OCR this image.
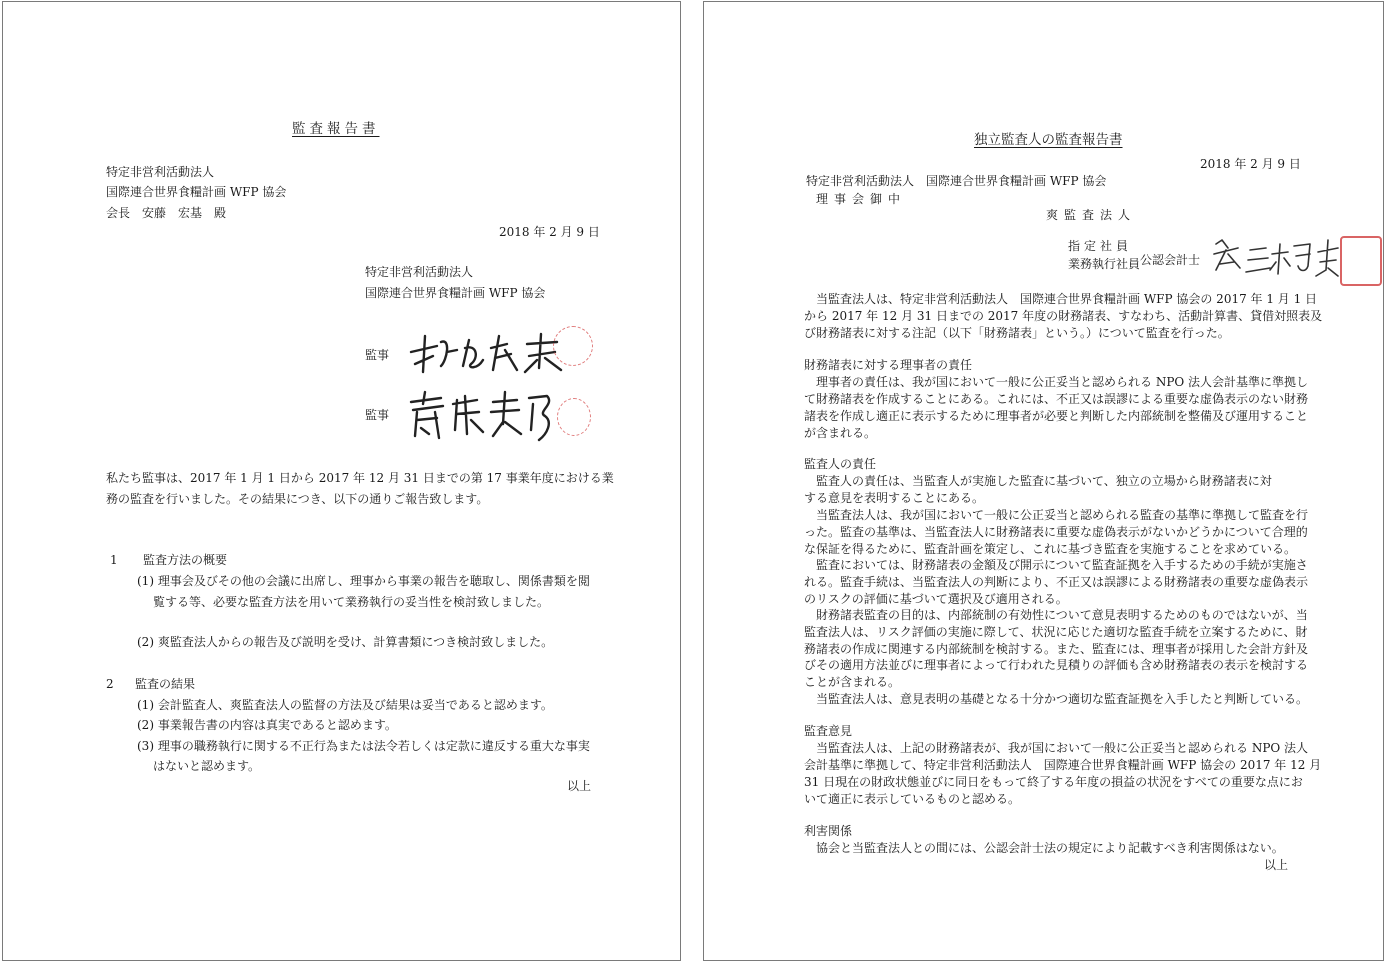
監査報告書

特定非営利活動法人

国際連合世界食糧計画 WFP 協会

会長　安藤　宏基　殿

2018 年 2 月 9 日

特定非営利活動法人

国際連合世界食糧計画 WFP 協会

監事

監事

私たち監事は、2017 年 1 月 1 日から 2017 年 12 月 31 日までの第 17 事業年度における業

務の監査を行いました。その結果につき、以下の通りご報告致します。

1 監査方法の概要

(1) 理事会及びその他の会議に出席し、理事から事業の報告を聴取し、関係書類を閲

覧する等、必要な監査方法を用いて業務執行の妥当性を検討致しました。

(2) 爽監査法人からの報告及び説明を受け、計算書類につき検討致しました。

2 監査の結果

(1) 会計監査人、爽監査法人の監督の方法及び結果は妥当であると認めます。

(2) 事業報告書の内容は真実であると認めます。

(3) 理事の職務執行に関する不正行為または法令若しくは定款に違反する重大な事実

はないと認めます。

以上

独立監査人の監査報告書

2018 年 2 月 9 日

特定非営利活動法人　国際連合世界食糧計画 WFP 協会

理事会御中

爽監査法人

指定社員

業務執行社員 公認会計士

当監査法人は、特定非営利活動法人　国際連合世界食糧計画 WFP 協会の 2017 年 1 月 1 日

から 2017 年 12 月 31 日までの 2017 年度の財務諸表、すなわち、活動計算書、貸借対照表及

び財務諸表に対する注記（以下「財務諸表」という。）について監査を行った。

財務諸表に対する理事者の責任

理事者の責任は、我が国において一般に公正妥当と認められる NPO 法人会計基準に準拠し

て財務諸表を作成することにある。これには、不正又は誤謬による重要な虚偽表示のない財務

諸表を作成し適正に表示するために理事者が必要と判断した内部統制を整備及び運用すること

が含まれる。

監査人の責任

監査人の責任は、当監査人が実施した監査に基づいて、独立の立場から財務諸表に対

する意見を表明することにある。

当監査法人は、我が国において一般に公正妥当と認められる監査の基準に準拠して監査を行

った。監査の基準は、当監査法人に財務諸表に重要な虚偽表示がないかどうかについて合理的

な保証を得るために、監査計画を策定し、これに基づき監査を実施することを求めている。

監査においては、財務諸表の金額及び開示について監査証拠を入手するための手続が実施さ

れる。監査手続は、当監査法人の判断により、不正又は誤謬による財務諸表の重要な虚偽表示

のリスクの評価に基づいて選択及び適用される。

財務諸表監査の目的は、内部統制の有効性について意見表明するためのものではないが、当

監査法人は、リスク評価の実施に際して、状況に応じた適切な監査手続を立案するために、財

務諸表の作成に関連する内部統制を検討する。また、監査には、理事者が採用した会計方針及

びその適用方法並びに理事者によって行われた見積りの評価も含め財務諸表の表示を検討する

ことが含まれる。

当監査法人は、意見表明の基礎となる十分かつ適切な監査証拠を入手したと判断している。

監査意見

当監査法人は、上記の財務諸表が、我が国において一般に公正妥当と認められる NPO 法人

会計基準に準拠して、特定非営利活動法人　国際連合世界食糧計画 WFP 協会の 2017 年 12 月

31 日現在の財政状態並びに同日をもって終了する年度の損益の状況をすべての重要な点にお

いて適正に表示しているものと認める。

利害関係

協会と当監査法人との間には、公認会計士法の規定により記載すべき利害関係はない。

以上
